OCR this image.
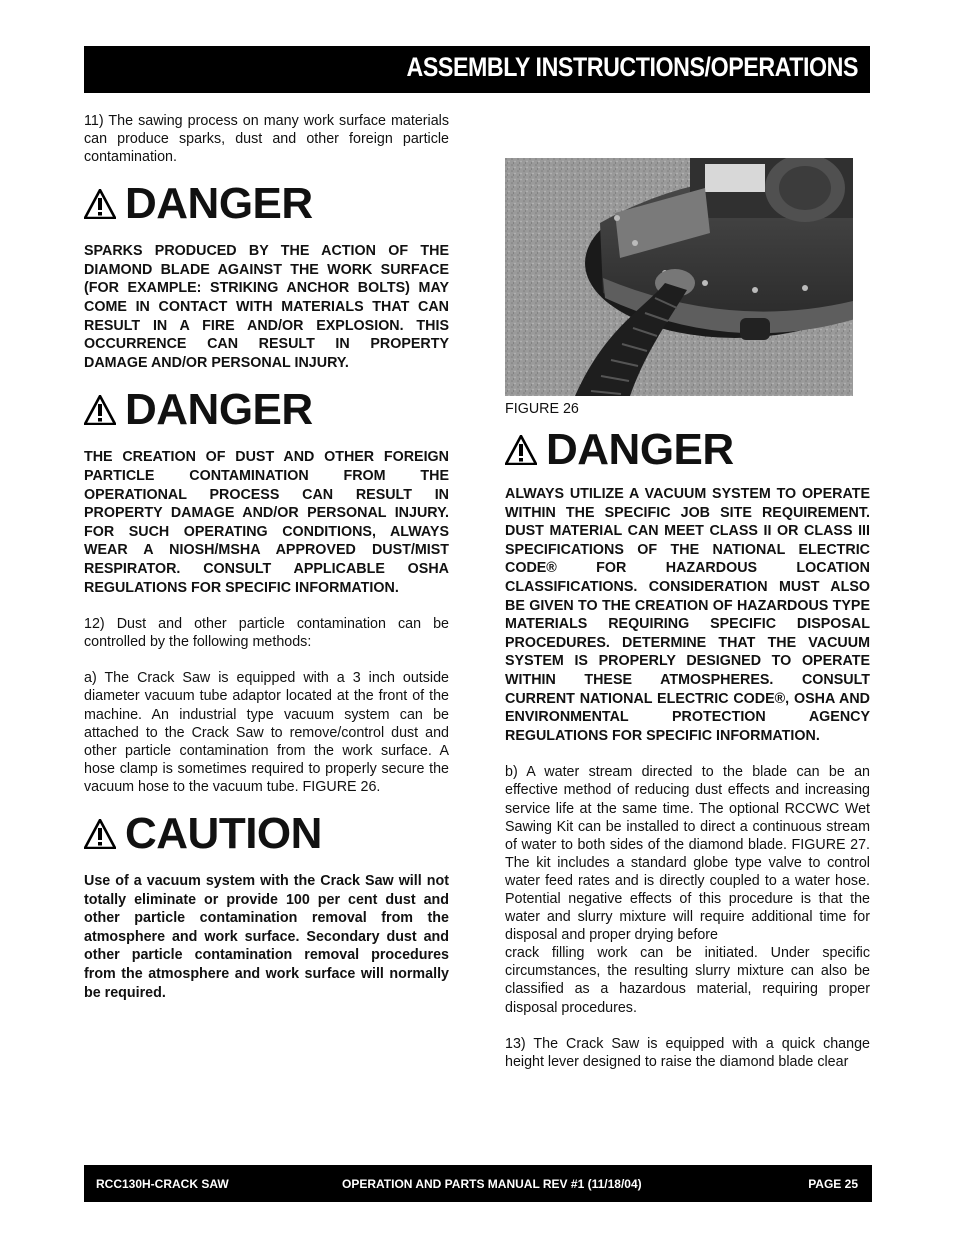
ASSEMBLY INSTRUCTIONS/OPERATIONS

11) The sawing process on many work surface materials can produce sparks, dust and other foreign particle contamination.

DANGER

SPARKS PRODUCED BY THE ACTION OF THE DIAMOND BLADE AGAINST THE WORK SURFACE (FOR EXAMPLE: STRIKING ANCHOR BOLTS) MAY COME IN CONTACT WITH MATERIALS THAT CAN RESULT IN A FIRE AND/OR EXPLOSION. THIS OCCURRENCE CAN RESULT IN PROPERTY DAMAGE AND/OR PERSONAL INJURY.

DANGER

THE CREATION OF DUST AND OTHER FOREIGN PARTICLE CONTAMINATION FROM THE OPERATIONAL PROCESS CAN RESULT IN PROPERTY DAMAGE AND/OR PERSONAL INJURY. FOR SUCH OPERATING CONDITIONS, ALWAYS WEAR A NIOSH/MSHA APPROVED DUST/MIST RESPIRATOR. CONSULT APPLICABLE OSHA REGULATIONS FOR SPECIFIC INFORMATION.

12) Dust and other particle contamination can be controlled by the following methods:

a) The Crack Saw is equipped with a 3 inch outside diameter vacuum tube adaptor located at the front of the machine. An industrial type vacuum system can be attached to the Crack Saw to remove/control dust and other particle contamination from the work surface. A hose clamp is sometimes required to properly secure the vacuum hose to the vacuum tube. FIGURE 26.

CAUTION

Use of a vacuum system with the Crack Saw will not totally eliminate or provide 100 per cent dust and other particle contamination removal from the atmosphere and work surface. Secondary dust and other particle contamination removal procedures from the atmosphere and work surface will normally be required.

FIGURE 26

DANGER

ALWAYS UTILIZE A VACUUM SYSTEM TO OPERATE WITHIN THE SPECIFIC JOB SITE REQUIREMENT. DUST MATERIAL CAN MEET CLASS II OR CLASS III SPECIFICATIONS OF THE NATIONAL ELECTRIC CODE® FOR HAZARDOUS LOCATION CLASSIFICATIONS. CONSIDERATION MUST ALSO BE GIVEN TO THE CREATION OF HAZARDOUS TYPE MATERIALS REQUIRING SPECIFIC DISPOSAL PROCEDURES. DETERMINE THAT THE VACUUM SYSTEM IS PROPERLY DESIGNED TO OPERATE WITHIN THESE ATMOSPHERES. CONSULT CURRENT NATIONAL ELECTRIC CODE®, OSHA AND ENVIRONMENTAL PROTECTION AGENCY REGULATIONS FOR SPECIFIC INFORMATION.

b) A water stream directed to the blade can be an effective method of reducing dust effects and increasing service life at the same time. The optional RCCWC Wet Sawing Kit can be installed to direct a continuous stream of water to both sides of the diamond blade. FIGURE 27. The kit includes a standard globe type valve to control water feed rates and is directly coupled to a water hose. Potential negative effects of this procedure is that the water and slurry mixture will require additional time for disposal and proper drying before

crack filling work can be initiated. Under specific circumstances, the resulting slurry mixture can also be classified as a hazardous material, requiring proper disposal procedures.

13) The Crack Saw is equipped with a quick change height lever designed to raise the diamond blade clear

RCC130H-CRACK SAW	OPERATION AND PARTS MANUAL REV #1 (11/18/04)	PAGE 25
